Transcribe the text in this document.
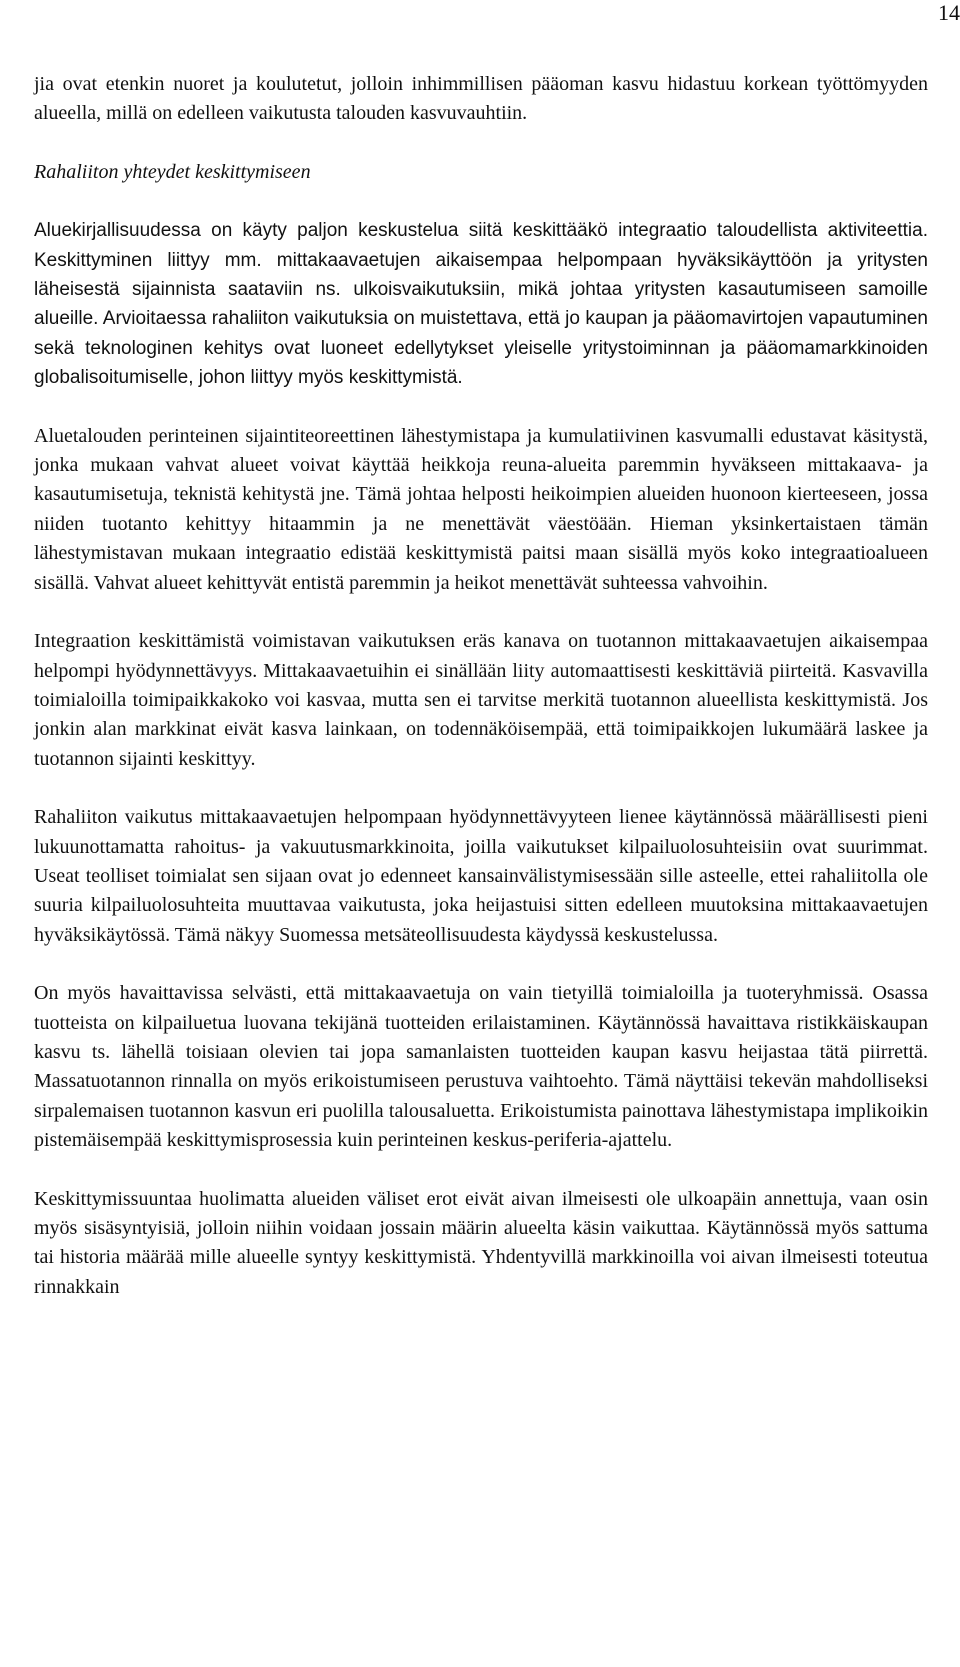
14

jia ovat etenkin nuoret ja koulutetut, jolloin inhimmillisen pääoman kasvu hidastuu korkean työttömyyden alueella, millä on edelleen vaikutusta talouden kasvuvauhtiin.

Rahaliiton yhteydet keskittymiseen

Aluekirjallisuudessa on käyty paljon keskustelua siitä keskittääkö integraatio taloudellista aktiviteettia. Keskittyminen liittyy mm. mittakaavaetujen aikaisempaa helpompaan hyväksikäyttöön ja yritysten läheisestä sijainnista saataviin ns. ulkoisvaikutuksiin, mikä johtaa yritysten kasautumiseen samoille alueille. Arvioitaessa rahaliiton vaikutuksia on muistettava, että jo kaupan ja pääomavirtojen vapautuminen sekä teknologinen kehitys ovat luoneet edellytykset yleiselle yritystoiminnan ja pääomamarkkinoiden globalisoitumiselle, johon liittyy myös keskittymistä.

Aluetalouden perinteinen sijaintiteoreettinen lähestymistapa ja kumulatiivinen kasvumalli edustavat käsitystä, jonka mukaan vahvat alueet voivat käyttää heikkoja reuna-alueita paremmin hyväkseen mittakaava- ja kasautumisetuja, teknistä kehitystä jne. Tämä johtaa helposti heikoimpien alueiden huonoon kierteeseen, jossa niiden tuotanto kehittyy hitaammin ja ne menettävät väestöään. Hieman yksinkertaistaen tämän lähestymistavan mukaan integraatio edistää keskittymistä paitsi maan sisällä myös koko integraatioalueen sisällä. Vahvat alueet kehittyvät entistä paremmin ja heikot menettävät suhteessa vahvoihin.

Integraation keskittämistä voimistavan vaikutuksen eräs kanava on tuotannon mittakaavaetujen aikaisempaa helpompi hyödynnettävyys. Mittakaavaetuihin ei sinällään liity automaattisesti keskittäviä piirteitä. Kasvavilla toimialoilla toimipaikkakoko voi kasvaa, mutta sen ei tarvitse merkitä tuotannon alueellista keskittymistä. Jos jonkin alan markkinat eivät kasva lainkaan, on todennäköisempää, että toimipaikkojen lukumäärä laskee ja tuotannon sijainti keskittyy.

Rahaliiton vaikutus mittakaavaetujen helpompaan hyödynnettävyyteen lienee käytännössä määrällisesti pieni lukuunottamatta rahoitus- ja vakuutusmarkkinoita, joilla vaikutukset kilpailuolosuhteisiin ovat suurimmat. Useat teolliset toimialat sen sijaan ovat jo edenneet kansainvälistymisessään sille asteelle, ettei rahaliitolla ole suuria kilpailuolosuhteita muuttavaa vaikutusta, joka heijastuisi sitten edelleen muutoksina mittakaavaetujen hyväksikäytössä. Tämä näkyy Suomessa metsäteollisuudesta käydyssä keskustelussa.

On myös havaittavissa selvästi, että mittakaavaetuja on vain tietyillä toimialoilla ja tuoteryhmissä. Osassa tuotteista on kilpailuetua luovana tekijänä tuotteiden erilaistaminen. Käytännössä havaittava ristikkäiskaupan kasvu ts. lähellä toisiaan olevien tai jopa samanlaisten tuotteiden kaupan kasvu heijastaa tätä piirrettä. Massatuotannon rinnalla on myös erikoistumiseen perustuva vaihtoehto. Tämä näyttäisi tekevän mahdolliseksi sirpalemaisen tuotannon kasvun eri puolilla talousaluetta. Erikoistumista painottava lähestymistapa implikoikin pistemäisempää keskittymisprosessia kuin perinteinen keskus-periferia-ajattelu.

Keskittymissuuntaa huolimatta alueiden väliset erot eivät aivan ilmeisesti ole ulkoapäin annettuja, vaan osin myös sisäsyntyisiä, jolloin niihin voidaan jossain määrin alueelta käsin vaikuttaa. Käytännössä myös sattuma tai historia määrää mille alueelle syntyy keskittymistä. Yhdentyvillä markkinoilla voi aivan ilmeisesti toteutua rinnakkain
